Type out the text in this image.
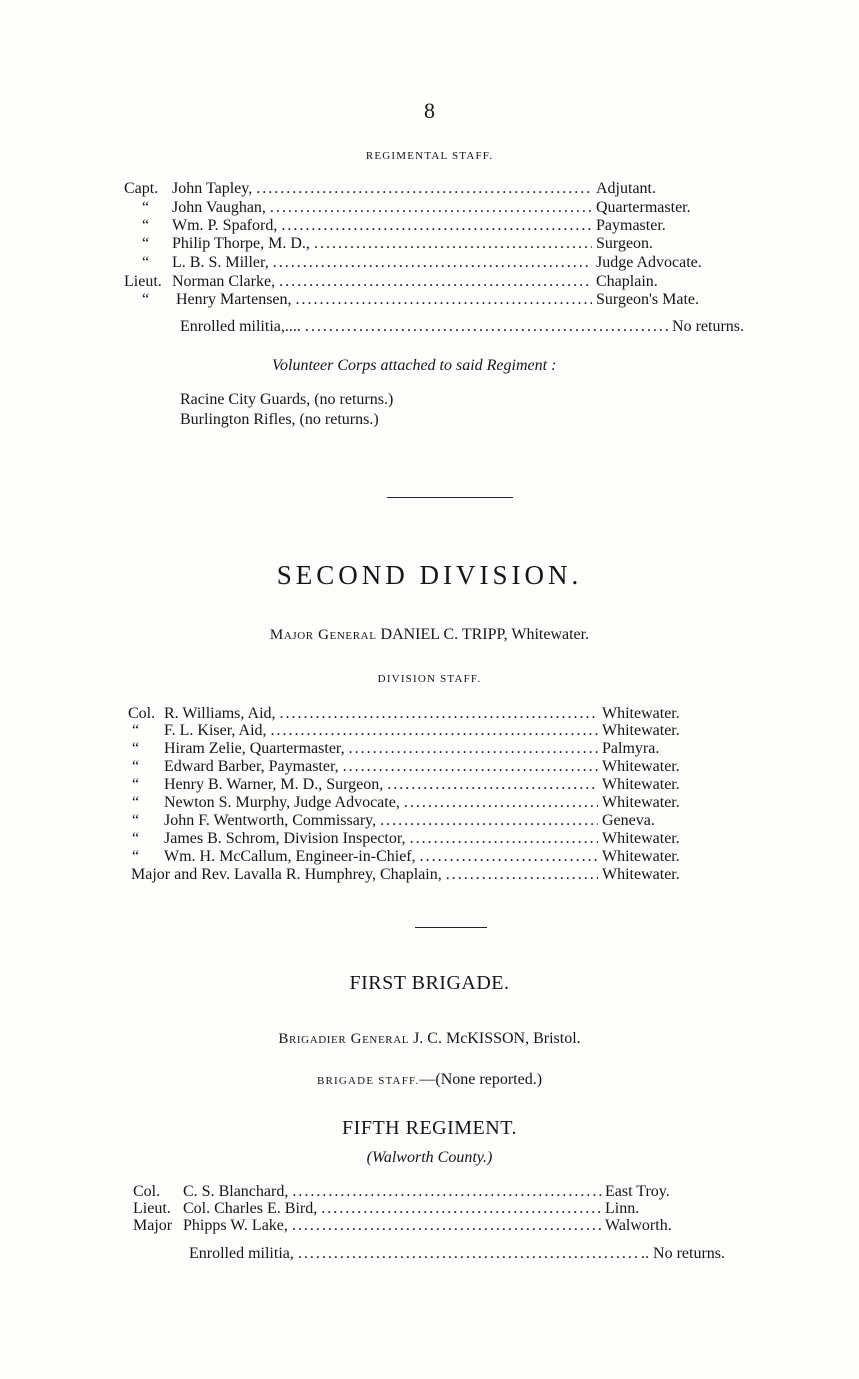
8
REGIMENTAL STAFF.
Capt. John Tapley, . . .	Adjutant.
“	John Vaughan, . . .	Quartermaster.
“	Wm. P. Spaford, . . .	Paymaster.
“	Philip Thorpe, M. D., . . .	Surgeon.
“	L. B. S. Miller, . . .	Judge Advocate.
Lieut. Norman Clarke, . . .	Chaplain.
“	Henry Martensen, . . .	Surgeon's Mate.
Enrolled militia,.... . . .	No returns.
Volunteer Corps attached to said Regiment :
Racine City Guards, (no returns.)
Burlington Rifles, (no returns.)
SECOND DIVISION.
Major General DANIEL C. TRIPP, Whitewater.
DIVISION STAFF.
Col. R. Williams, Aid, . . .	Whitewater.
“	F. L. Kiser, Aid, . . .	Whitewater.
“	Hiram Zelie, Quartermaster, . . .	Palmyra.
“	Edward Barber, Paymaster, . . .	Whitewater.
“	Henry B. Warner, M. D., Surgeon, . . .	Whitewater.
“	Newton S. Murphy, Judge Advocate, . . .	Whitewater.
“	John F. Wentworth, Commissary, . . .	Geneva.
“	James B. Schrom, Division Inspector, . . .	Whitewater.
“	Wm. H. McCallum, Engineer-in-Chief, . . .	Whitewater.
Major and Rev. Lavalla R. Humphrey, Chaplain, . . .	Whitewater.
FIRST BRIGADE.
Brigadier General J. C. McKISSON, Bristol.
BRIGADE STAFF.—(None reported.)
FIFTH REGIMENT.
(Walworth County.)
Col.	C. S. Blanchard, . . .	East Troy.
Lieut. Col. Charles E. Bird, . . .	Linn.
Major Phipps W. Lake, . . .	Walworth.
Enrolled militia, . . .	.. No returns.
